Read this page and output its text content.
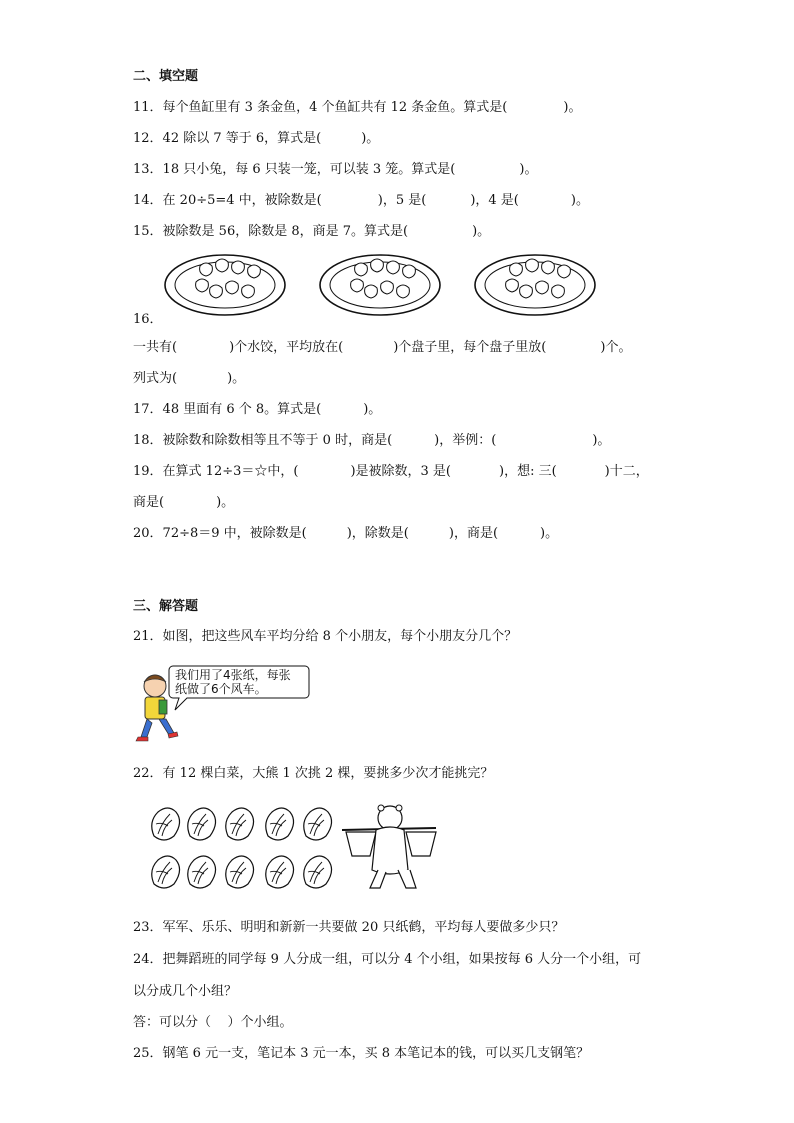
二、填空题
11．每个鱼缸里有 3 条金鱼，4 个鱼缸共有 12 条金鱼。算式是(	)。
12．42 除以 7 等于 6，算式是(	)。
13．18 只小兔，每 6 只装一笼，可以装 3 笼。算式是(	)。
14．在 20÷5=4 中，被除数是(	)，5 是(	)，4 是(	)。
15．被除数是 56，除数是 8，商是 7。算式是(	)。
16．
一共有(	)个水饺，平均放在(	)个盘子里，每个盘子里放(	)个。
列式为(	)。
17．48 里面有 6 个 8。算式是(	)。
18．被除数和除数相等且不等于 0 时，商是(	)，举例：(	)。
19．在算式 12÷3＝☆中，(	)是被除数，3 是(	)，想: 三(	)十二，
商是(	)。
20．72÷8＝9 中，被除数是(	)，除数是(	)，商是(	)。
三、解答题
21．如图，把这些风车平均分给 8 个小朋友，每个小朋友分几个？
我们用了4张纸，每张
纸做了6个风车。
22．有 12 棵白菜，大熊 1 次挑 2 棵，要挑多少次才能挑完？
23．军军、乐乐、明明和新新一共要做 20 只纸鹤，平均每人要做多少只？
24．把舞蹈班的同学每 9 人分成一组，可以分 4 个小组，如果按每 6 人分一个小组，可
以分成几个小组？
答：可以分（    ）个小组。
25．钢笔 6 元一支，笔记本 3 元一本，买 8 本笔记本的钱，可以买几支钢笔？
